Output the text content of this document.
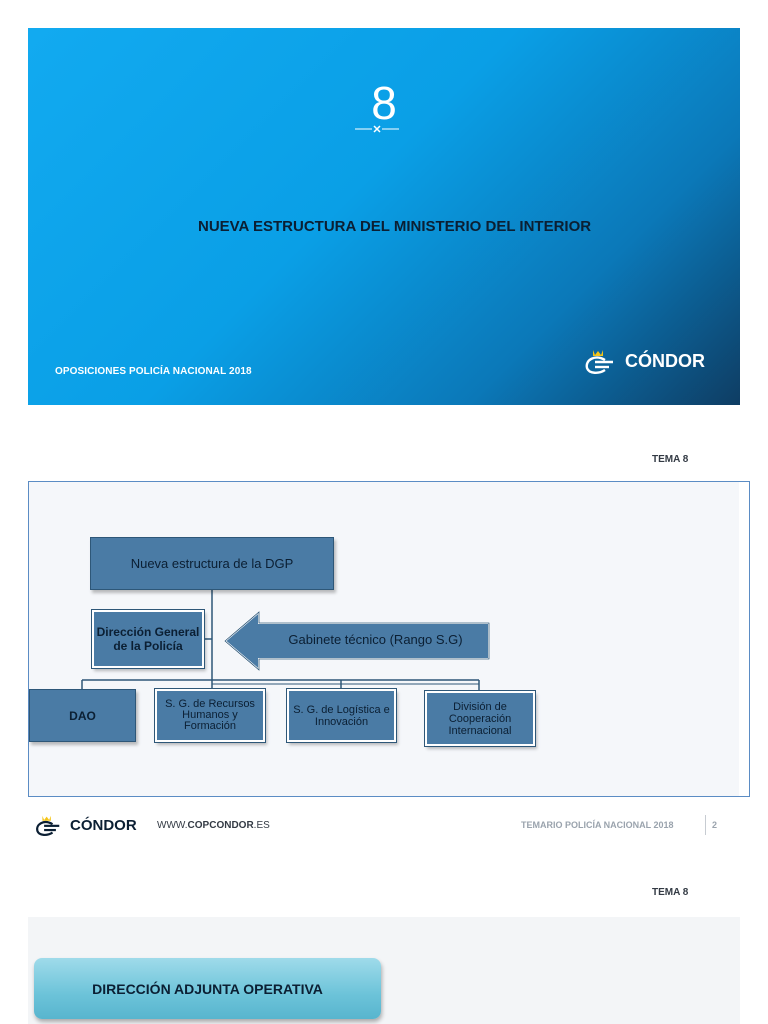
8
NUEVA ESTRUCTURA DEL MINISTERIO DEL INTERIOR
OPOSICIONES POLICÍA NACIONAL 2018
CÓNDOR
TEMA 8
Nueva estructura de la DGP
Dirección General de la Policía	Gabinete técnico (Rango S.G)
DAO
S. G. de Recursos Humanos y Formación
S. G. de Logística e Innovación
División de Cooperación Internacional
CÓNDOR WWW.COPCONDOR.ES	TEMARIO POLICÍA NACIONAL 2018	2
TEMA 8
DIRECCIÓN ADJUNTA OPERATIVA
